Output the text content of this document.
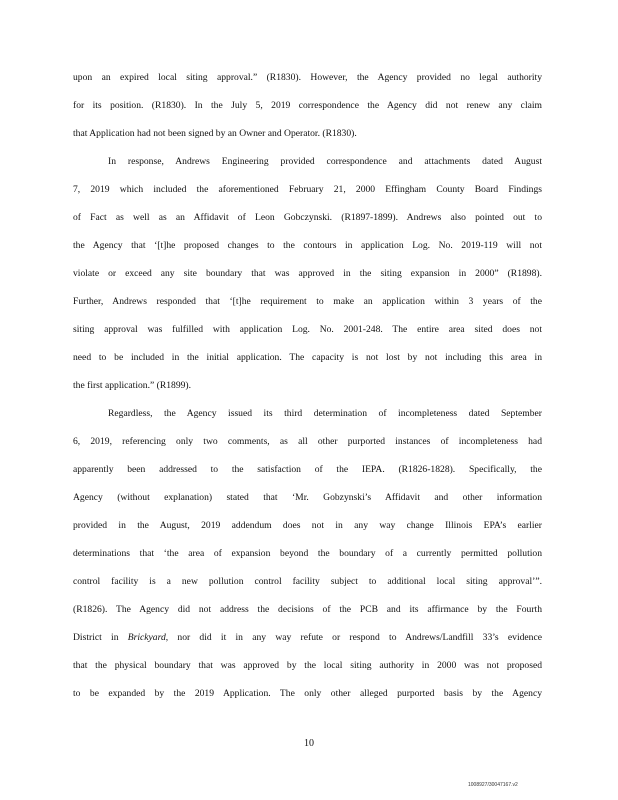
upon an expired local siting approval.” (R1830). However, the Agency provided no legal authority
for its position. (R1830). In the July 5, 2019 correspondence the Agency did not renew any claim
that Application had not been signed by an Owner and Operator. (R1830).
In response, Andrews Engineering provided correspondence and attachments dated August
7, 2019 which included the aforementioned February 21, 2000 Effingham County Board Findings
of Fact as well as an Affidavit of Leon Gobczynski. (R1897-1899). Andrews also pointed out to
the Agency that ‘[t]he proposed changes to the contours in application Log. No. 2019-119 will not
violate or exceed any site boundary that was approved in the siting expansion in 2000” (R1898).
Further, Andrews responded that ‘[t]he requirement to make an application within 3 years of the
siting approval was fulfilled with application Log. No. 2001-248. The entire area sited does not
need to be included in the initial application. The capacity is not lost by not including this area in
the first application.” (R1899).
Regardless, the Agency issued its third determination of incompleteness dated September
6, 2019, referencing only two comments, as all other purported instances of incompleteness had
apparently been addressed to the satisfaction of the IEPA. (R1826-1828). Specifically, the
Agency (without explanation) stated that ‘Mr. Gobzynski’s Affidavit and other information
provided in the August, 2019 addendum does not in any way change Illinois EPA’s earlier
determinations that ‘the area of expansion beyond the boundary of a currently permitted pollution
control facility is a new pollution control facility subject to additional local siting approval’”.
(R1826). The Agency did not address the decisions of the PCB and its affirmance by the Fourth
District in Brickyard, nor did it in any way refute or respond to Andrews/Landfill 33’s evidence
that the physical boundary that was approved by the local siting authority in 2000 was not proposed
to be expanded by the 2019 Application. The only other alleged purported basis by the Agency
10
1008927/30047167.v2
